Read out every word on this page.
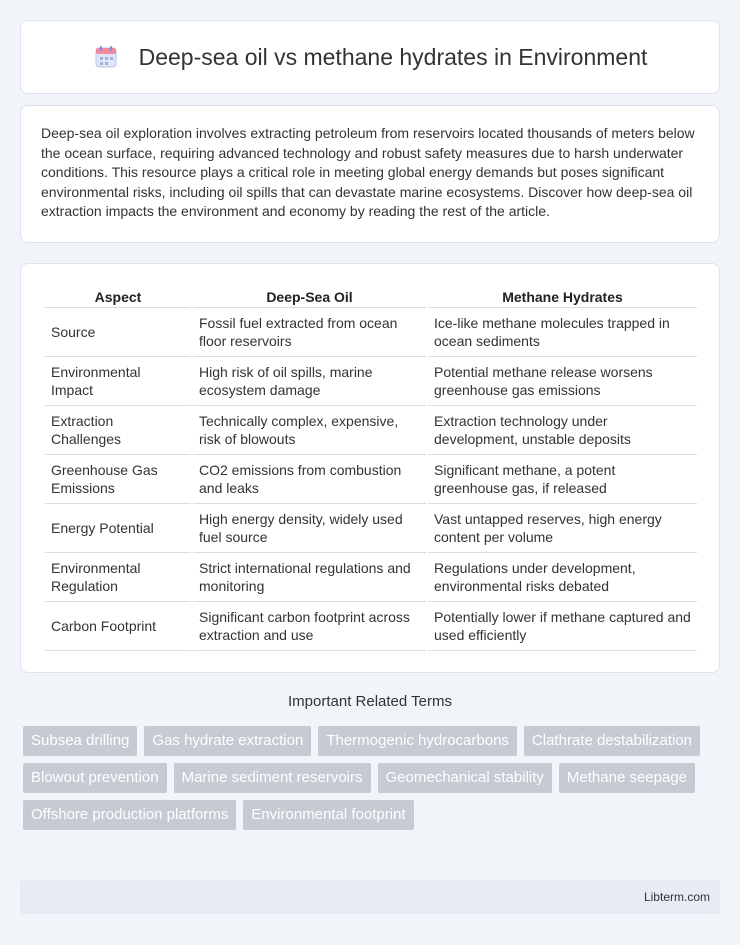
Deep-sea oil vs methane hydrates in Environment

Deep-sea oil exploration involves extracting petroleum from reservoirs located thousands of meters below the ocean surface, requiring advanced technology and robust safety measures due to harsh underwater conditions. This resource plays a critical role in meeting global energy demands but poses significant environmental risks, including oil spills that can devastate marine ecosystems. Discover how deep-sea oil extraction impacts the environment and economy by reading the rest of the article.

Aspect	Deep-Sea Oil	Methane Hydrates
Source	Fossil fuel extracted from ocean floor reservoirs	Ice-like methane molecules trapped in ocean sediments
Environmental Impact	High risk of oil spills, marine ecosystem damage	Potential methane release worsens greenhouse gas emissions
Extraction Challenges	Technically complex, expensive, risk of blowouts	Extraction technology under development, unstable deposits
Greenhouse Gas Emissions	CO2 emissions from combustion and leaks	Significant methane, a potent greenhouse gas, if released
Energy Potential	High energy density, widely used fuel source	Vast untapped reserves, high energy content per volume
Environmental Regulation	Strict international regulations and monitoring	Regulations under development, environmental risks debated
Carbon Footprint	Significant carbon footprint across extraction and use	Potentially lower if methane captured and used efficiently
Important Related Terms
Subsea drilling	Gas hydrate extraction	Thermogenic hydrocarbons	Clathrate destabilization
Blowout prevention	Marine sediment reservoirs	Geomechanical stability	Methane seepage
Offshore production platforms	Environmental footprint
Libterm.com
